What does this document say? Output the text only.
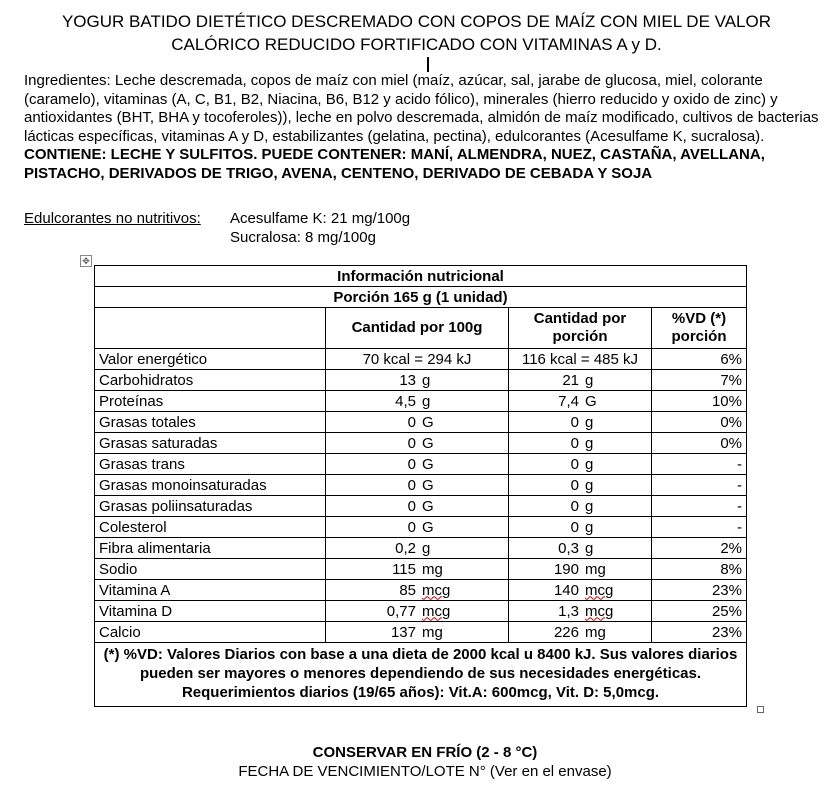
YOGUR BATIDO DIETÉTICO DESCREMADO CON COPOS DE MAÍZ CON MIEL DE VALOR
CALÓRICO REDUCIDO FORTIFICADO CON VITAMINAS A y D.
Ingredientes: Leche descremada, copos de maíz con miel (maíz, azúcar, sal, jarabe de glucosa, miel, colorante (caramelo), vitaminas (A, C, B1, B2, Niacina, B6, B12 y acido fólico), minerales (hierro reducido y oxido de zinc) y antioxidantes (BHT, BHA y tocoferoles)), leche en polvo descremada, almidón de maíz modificado, cultivos de bacterias lácticas específicas, vitaminas A y D, estabilizantes (gelatina, pectina), edulcorantes (Acesulfame K, sucralosa). CONTIENE: LECHE Y SULFITOS. PUEDE CONTENER: MANÍ, ALMENDRA, NUEZ, CASTAÑA, AVELLANA, PISTACHO, DERIVADOS DE TRIGO, AVENA, CENTENO, DERIVADO DE CEBADA Y SOJA
Edulcorantes no nutritivos: Acesulfame K: 21 mg/100g
Sucralosa: 8 mg/100g
✥
Información nutricional			
Porción 165 g (1 unidad)			
	Cantidad por 100g	Cantidad por porción	%VD (*) porción
Valor energético	70 kcal = 294 kJ	116 kcal = 485 kJ	6%
Carbohidratos	13 g	21 g	7%
Proteínas	4,5 g	7,4 G	10%
Grasas totales	0 G	0 g	0%
Grasas saturadas	0 G	0 g	0%
Grasas trans	0 G	0 g	-
Grasas monoinsaturadas	0 G	0 g	-
Grasas poliinsaturadas	0 G	0 g	-
Colesterol	0 G	0 g	-
Fibra alimentaria	0,2 g	0,3 g	2%
Sodio	115 mg	190 mg	8%
Vitamina A	85 mcg	140 mcg	23%
Vitamina D	0,77 mcg	1,3 mcg	25%
Calcio	137 mg	226 mg	23%
(*) %VD: Valores Diarios con base a una dieta de 2000 kcal u 8400 kJ. Sus valores diarios pueden ser mayores o menores dependiendo de sus necesidades energéticas. Requerimientos diarios (19/65 años): Vit.A: 600mcg, Vit. D: 5,0mcg.			
CONSERVAR EN FRÍO (2 - 8 °C)
FECHA DE VENCIMIENTO/LOTE N° (Ver en el envase)
